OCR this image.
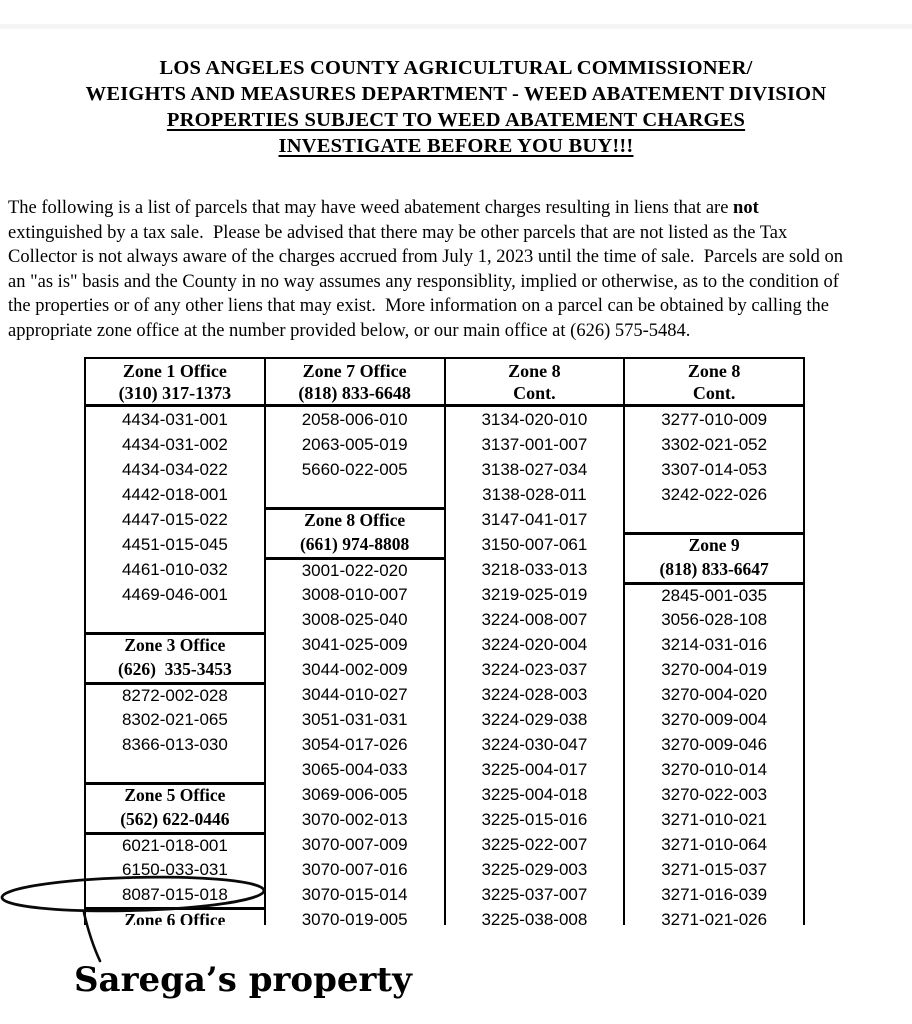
LOS ANGELES COUNTY AGRICULTURAL COMMISSIONER/
WEIGHTS AND MEASURES DEPARTMENT - WEED ABATEMENT DIVISION
PROPERTIES SUBJECT TO WEED ABATEMENT CHARGES
INVESTIGATE BEFORE YOU BUY!!!
The following is a list of parcels that may have weed abatement charges resulting in liens that are not
extinguished by a tax sale.  Please be advised that there may be other parcels that are not listed as the Tax
Collector is not always aware of the charges accrued from July 1, 2023 until the time of sale.  Parcels are sold on
an "as is" basis and the County in no way assumes any responsiblity, implied or otherwise, as to the condition of
the properties or of any other liens that may exist.  More information on a parcel can be obtained by calling the
appropriate zone office at the number provided below, or our main office at (626) 575-5484.
Zone 1 Office
(310) 317-1373
4434-031-001
4434-031-002
4434-034-022
4442-018-001
4447-015-022
4451-015-045
4461-010-032
4469-046-001
Zone 3 Office
(626)  335-3453
8272-002-028
8302-021-065
8366-013-030
Zone 5 Office
(562) 622-0446
6021-018-001
6150-033-031
8087-015-018
Zone 6 Office
Zone 7 Office
(818) 833-6648
2058-006-010
2063-005-019
5660-022-005
Zone 8 Office
(661) 974-8808
3001-022-020
3008-010-007
3008-025-040
3041-025-009
3044-002-009
3044-010-027
3051-031-031
3054-017-026
3065-004-033
3069-006-005
3070-002-013
3070-007-009
3070-007-016
3070-015-014
3070-019-005
Zone 8
Cont.
3134-020-010
3137-001-007
3138-027-034
3138-028-011
3147-041-017
3150-007-061
3218-033-013
3219-025-019
3224-008-007
3224-020-004
3224-023-037
3224-028-003
3224-029-038
3224-030-047
3225-004-017
3225-004-018
3225-015-016
3225-022-007
3225-029-003
3225-037-007
3225-038-008
Zone 8
Cont.
3277-010-009
3302-021-052
3307-014-053
3242-022-026
Zone 9
(818) 833-6647
2845-001-035
3056-028-108
3214-031-016
3270-004-019
3270-004-020
3270-009-004
3270-009-046
3270-010-014
3270-022-003
3271-010-021
3271-010-064
3271-015-037
3271-016-039
3271-021-026
Sarega’s property
